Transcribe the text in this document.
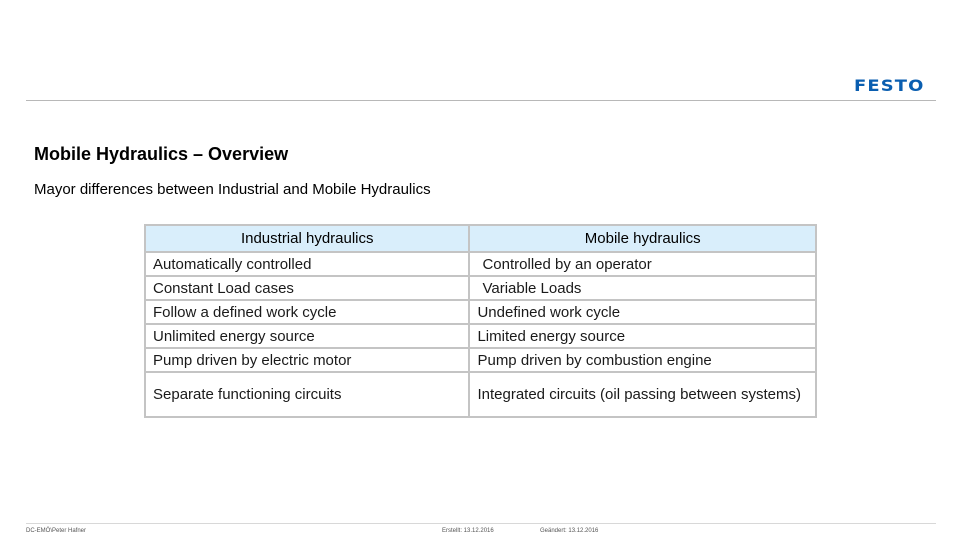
FESTO
Mobile Hydraulics – Overview

Mayor differences between Industrial and Mobile Hydraulics

Industrial hydraulics	Mobile hydraulics
Automatically controlled	Controlled by an operator
Constant Load cases	Variable Loads
Follow a defined work cycle	Undefined work cycle
Unlimited energy source	Limited energy source
Pump driven by electric motor	Pump driven by combustion engine
Separate functioning circuits	Integrated circuits (oil passing between systems)

DC-EMÖ\Peter Hafner	Erstellt: 13.12.2016	Geändert: 13.12.2016
